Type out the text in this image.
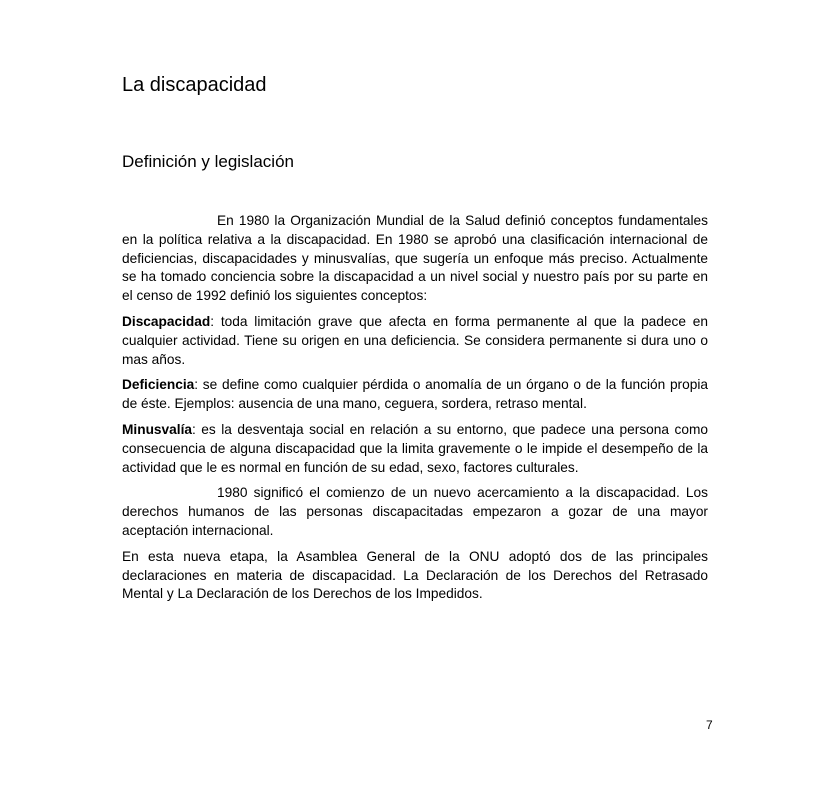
La discapacidad
Definición y legislación

En 1980 la Organización Mundial de la Salud definió conceptos fundamentales en la política relativa a la discapacidad. En 1980 se aprobó una clasificación internacional de deficiencias, discapacidades y minusvalías, que sugería un enfoque más preciso. Actualmente se ha tomado conciencia sobre la discapacidad a un nivel social y nuestro país por su parte en el censo de 1992 definió los siguientes conceptos:

Discapacidad: toda limitación grave que afecta en forma permanente al que la padece en cualquier actividad. Tiene su origen en una deficiencia. Se considera permanente si dura uno o mas años.

Deficiencia: se define como cualquier pérdida o anomalía de un órgano o de la función propia de éste. Ejemplos: ausencia de una mano, ceguera, sordera, retraso mental.

Minusvalía: es la desventaja social en relación a su entorno, que padece una persona como consecuencia de alguna discapacidad que la limita gravemente o le impide el desempeño de la actividad que le es normal en función de su edad, sexo, factores culturales.

1980 significó el comienzo de un nuevo acercamiento a la discapacidad. Los derechos humanos de las personas discapacitadas empezaron a gozar de una mayor aceptación internacional.

En esta nueva etapa, la Asamblea General de la ONU adoptó dos de las principales declaraciones en materia de discapacidad. La Declaración de los Derechos del Retrasado Mental y La Declaración de los Derechos de los Impedidos.

7
